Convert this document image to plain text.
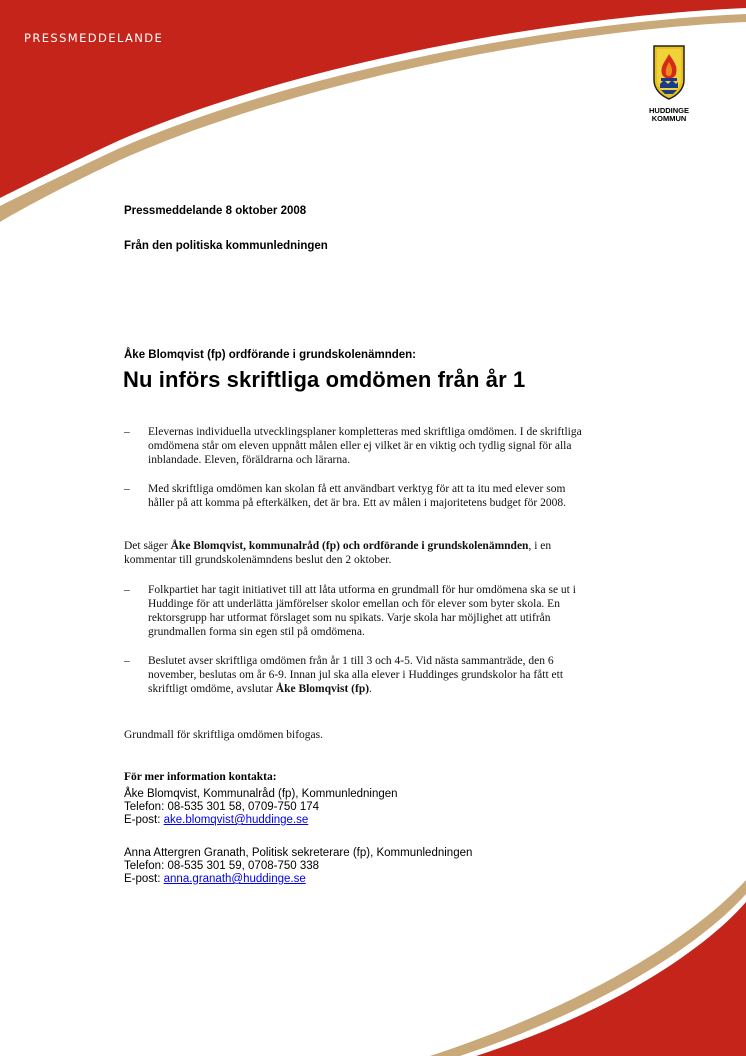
PRESSMEDDELANDE
HUDDINGE
KOMMUN
Pressmeddelande 8 oktober 2008
Från den politiska kommunledningen
Åke Blomqvist (fp) ordförande i grundskolenämnden:
Nu införs skriftliga omdömen från år 1
– Elevernas individuella utvecklingsplaner kompletteras med skriftliga omdömen. I de skriftliga omdömena står om eleven uppnått målen eller ej vilket är en viktig och tydlig signal för alla inblandade. Eleven, föräldrarna och lärarna.
– Med skriftliga omdömen kan skolan få ett användbart verktyg för att ta itu med elever som håller på att komma på efterkälken, det är bra. Ett av målen i majoritetens budget för 2008.
Det säger Åke Blomqvist, kommunalråd (fp) och ordförande i grundskolenämnden, i en kommentar till grundskolenämndens beslut den 2 oktober.
– Folkpartiet har tagit initiativet till att låta utforma en grundmall för hur omdömena ska se ut i Huddinge för att underlätta jämförelser skolor emellan och för elever som byter skola. En rektorsgrupp har utformat förslaget som nu spikats. Varje skola har möjlighet att utifrån grundmallen forma sin egen stil på omdömena.
– Beslutet avser skriftliga omdömen från år 1 till 3 och 4-5. Vid nästa sammanträde, den 6 november, beslutas om år 6-9. Innan jul ska alla elever i Huddinges grundskolor ha fått ett skriftligt omdöme, avslutar Åke Blomqvist (fp).
Grundmall för skriftliga omdömen bifogas.
För mer information kontakta:
Åke Blomqvist, Kommunalråd (fp), Kommunledningen
Telefon: 08-535 301 58, 0709-750 174
E-post: ake.blomqvist@huddinge.se
Anna Attergren Granath, Politisk sekreterare (fp), Kommunledningen
Telefon: 08-535 301 59, 0708-750 338
E-post: anna.granath@huddinge.se
